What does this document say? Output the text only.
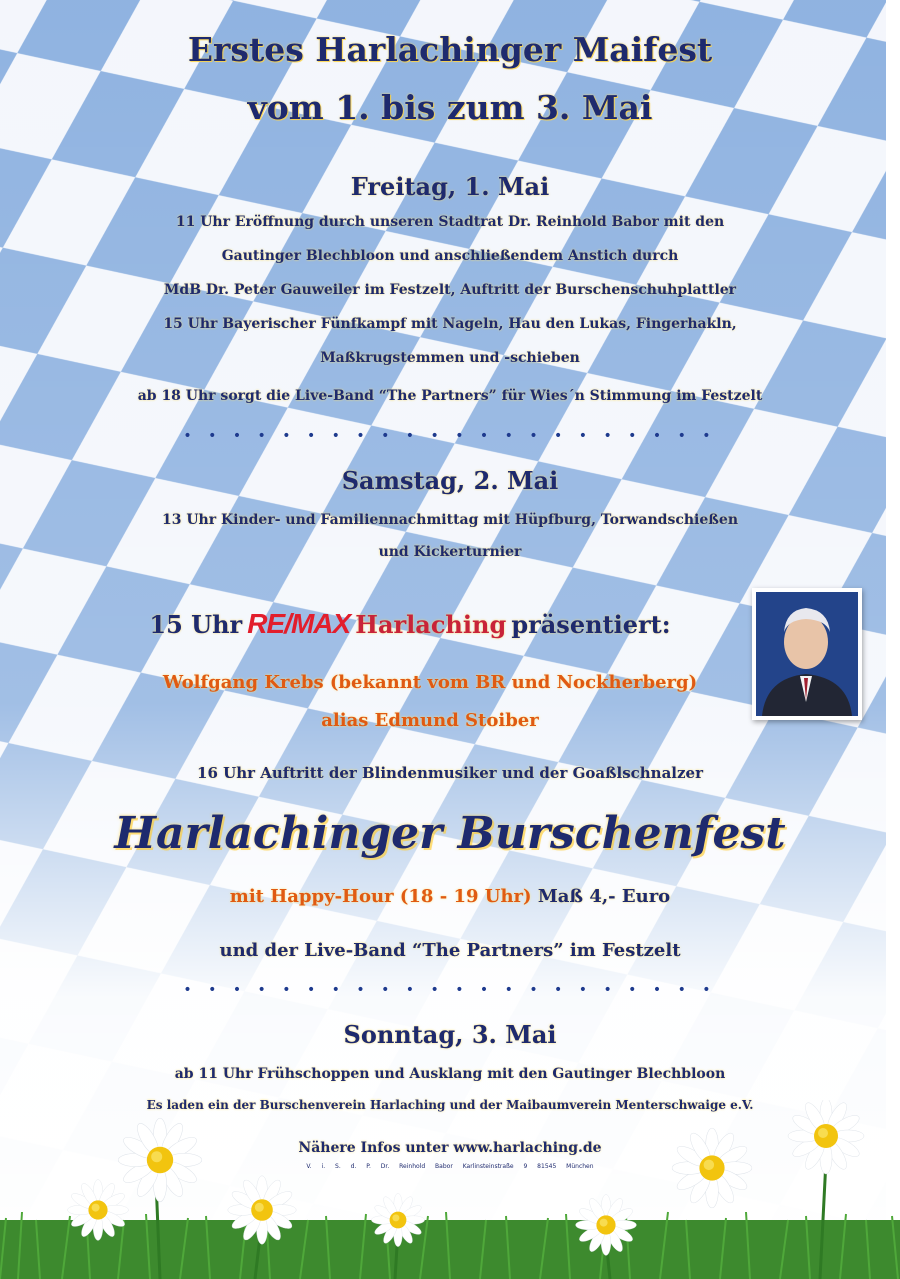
Erstes Harlachinger Maifest
vom 1. bis zum 3. Mai
Freitag, 1. Mai
11 Uhr Eröffnung durch unseren Stadtrat Dr. Reinhold Babor mit den
Gautinger Blechbloon und anschließendem Anstich durch
MdB Dr. Peter Gauweiler im Festzelt, Auftritt der Burschenschuhplattler
15 Uhr Bayerischer Fünfkampf mit Nageln, Hau den Lukas, Fingerhakln,
Maßkrugstemmen und -schieben
ab 18 Uhr sorgt die Live-Band “The Partners” für Wies´n Stimmung im Festzelt
• • • • • • • • • • • • • • • • • • • • • •
Samstag, 2. Mai
13 Uhr Kinder- und Familiennachmittag mit Hüpfburg, Torwandschießen
und Kickerturnier
15 Uhr RE/MAX Harlaching präsentiert:
Wolfgang Krebs (bekannt vom BR und Nockherberg)
alias Edmund Stoiber
16 Uhr Auftritt der Blindenmusiker und der Goaßlschnalzer
Harlachinger Burschenfest
mit Happy-Hour (18 - 19 Uhr) Maß 4,- Euro
und der Live-Band “The Partners” im Festzelt
• • • • • • • • • • • • • • • • • • • • • •
Sonntag, 3. Mai
ab 11 Uhr Frühschoppen und Ausklang mit den Gautinger Blechbloon
Es laden ein der Burschenverein Harlaching und der Maibaumverein Menterschwaige e.V.
Nähere Infos unter www.harlaching.de
V. i. S. d. P. Dr. Reinhold Babor Karlinsteinstraße 9 81545 München
